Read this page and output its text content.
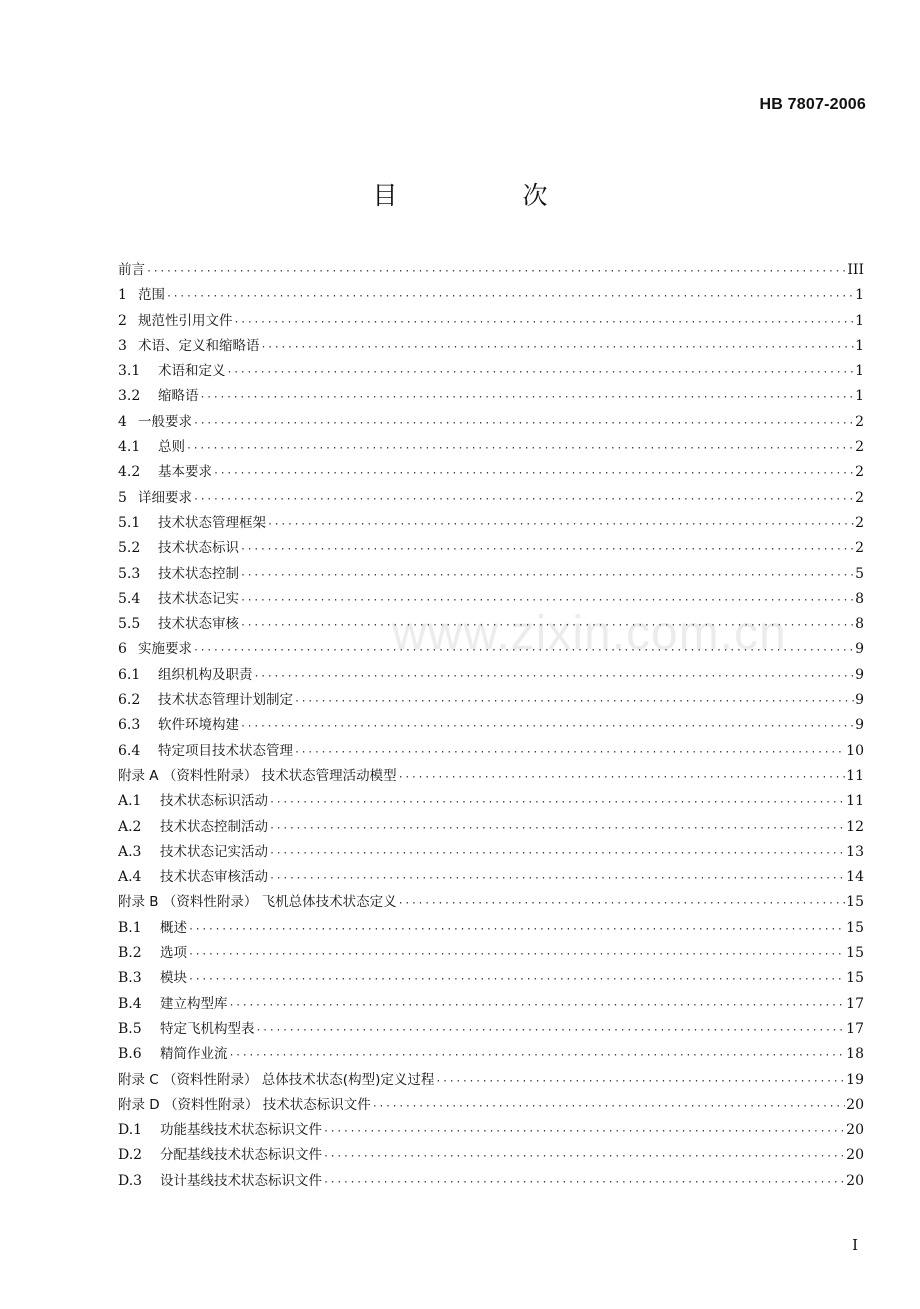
HB 7807-2006
目　次
www.zixin.com.cn
前言 ·····	III
1 范围 ·····	1
2 规范性引用文件 ·····	1
3 术语、定义和缩略语 ·····	1
3.1	术语和定义 ·····	1
3.2	缩略语 ·····	1
4 一般要求 ·····	2
4.1	总则 ·····	2
4.2	基本要求 ·····	2
5 详细要求 ·····	2
5.1	技术状态管理框架 ·····	2
5.2	技术状态标识 ·····	2
5.3	技术状态控制 ·····	5
5.4	技术状态记实 ·····	8
5.5	技术状态审核 ·····	8
6 实施要求 ·····	9
6.1	组织机构及职责 ·····	9
6.2	技术状态管理计划制定 ·····	9
6.3	软件环境构建 ·····	9
6.4	特定项目技术状态管理 ·····	10
附录 A （资料性附录） 技术状态管理活动模型 ·····	11
A.1	技术状态标识活动 ·····	11
A.2	技术状态控制活动 ·····	12
A.3	技术状态记实活动 ·····	13
A.4	技术状态审核活动 ·····	14
附录 B （资料性附录） 飞机总体技术状态定义 ·····	15
B.1	概述 ·····	15
B.2	选项 ·····	15
B.3	模块 ·····	15
B.4	建立构型库 ·····	17
B.5	特定飞机构型表 ·····	17
B.6	精简作业流 ·····	18
附录 C （资料性附录） 总体技术状态(构型)定义过程 ·····	19
附录 D （资料性附录） 技术状态标识文件 ·····	20
D.1	功能基线技术状态标识文件 ·····	20
D.2	分配基线技术状态标识文件 ·····	20
D.3	设计基线技术状态标识文件 ·····	20
I
